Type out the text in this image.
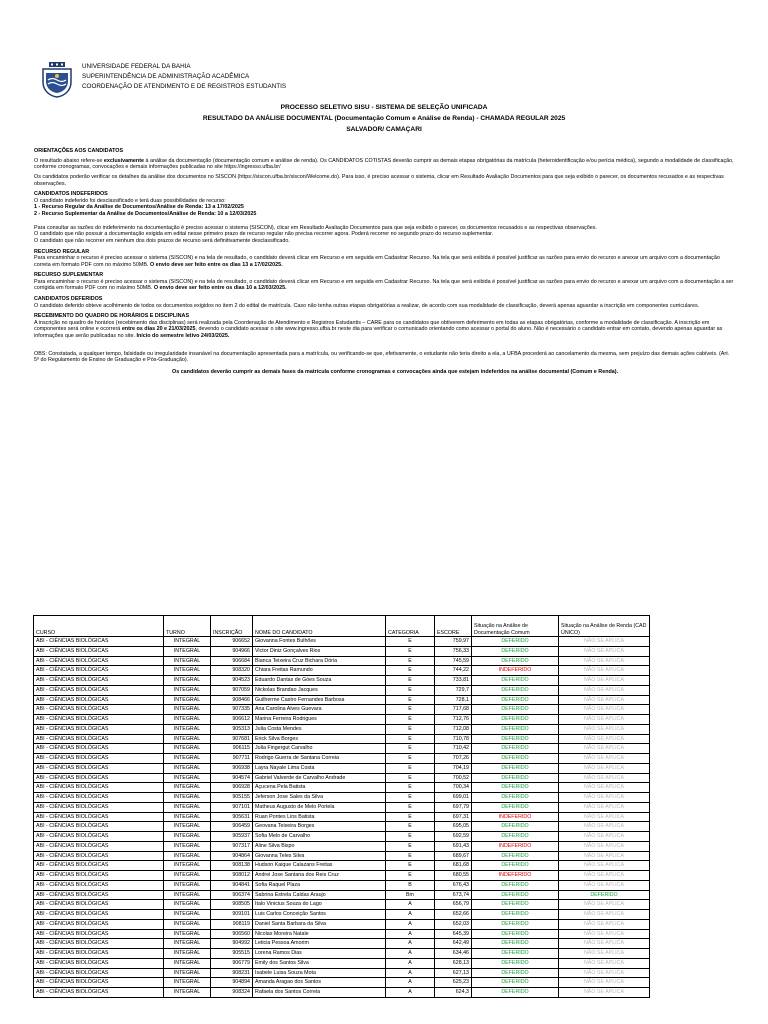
UNIVERSIDADE FEDERAL DA BAHIA
SUPERINTENDÊNCIA DE ADMINISTRAÇÃO ACADÊMICA
COORDENAÇÃO DE ATENDIMENTO E DE REGISTROS ESTUDANTIS
PROCESSO SELETIVO SISU - SISTEMA DE SELEÇÃO UNIFICADA
RESULTADO DA ANÁLISE DOCUMENTAL (Documentação Comum e Análise de Renda) - CHAMADA REGULAR 2025
SALVADOR/ CAMAÇARI

ORIENTAÇÕES AOS CANDIDATOS

O resultado abaixo refere-se exclusivamente à análise da documentação (documentação comum e análise de renda). Os CANDIDATOS COTISTAS deverão cumprir as demais etapas obrigatórias da matrícula (heteroidentificação e/ou perícia médica), segundo a modalidade de classificação, conforme cronogramas, convocações e demais informações publicadas no site https://ingresso.ufba.br/

Os candidatos poderão verificar os detalhes da análise dos documentos no SISCON (https://siscon.ufba.br/siscon/Welcome.do). Para isso, é preciso acessar o sistema, clicar em Resultado Avaliação Documentos para que seja exibido o parecer, os documentos recusados e as respectivas observações.

CANDIDATOS INDEFERIDOS

O candidato indeferido foi desclassificado e terá duas possibilidades de recurso:

1 - Recurso Regular da Análise de Documentos/Análise de Renda: 13 a 17/02/2025

2 - Recurso Suplementar da Análise de Documentos/Análise de Renda: 10 a 12/03/2025

Para consultar as razões do indeferimento na documentação é preciso acessar o sistema (SISCON), clicar em Resultado Avaliação Documentos para que seja exibido o parecer, os documentos recusados e as respectivas observações.

O candidato que não possuir a documentação exigida em edital nesse primeiro prazo de recurso regular não precisa recorrer agora. Poderá recorrer no segundo prazo do recurso suplementar.

O candidato que não recorrer em nenhum dos dois prazos de recurso será definitivamente desclassificado.

RECURSO REGULAR

Para encaminhar o recurso é preciso acessar o sistema (SISCON) e na tela de resultado, o candidato deverá clicar em Recurso e em seguida em Cadastrar Recurso. Na tela que será exibida é possível justificar as razões para envio do recurso e anexar um arquivo com a documentação correta em formato PDF com no máximo 50MB. O envio deve ser feito entre os dias 13 a 17/02/2025.

RECURSO SUPLEMENTAR

Para encaminhar o recurso é preciso acessar o sistema (SISCON) e na tela de resultado, o candidato deverá clicar em Recurso e em seguida em Cadastrar Recurso. Na tela que será exibida é possível justificar as razões para envio do recurso e anexar um arquivo com a documentação a ser corrigida em formato PDF com no máximo 50MB. O envio deve ser feito entre os dias 10 a 12/03/2025.

CANDIDATOS DEFERIDOS

O candidato deferido obteve acolhimento de todos os documentos exigidos no item 2 do edital de matrícula. Caso não tenha outras etapas obrigatórias a realizar, de acordo com sua modalidade de classificação, deverá apenas aguardar a inscrição em componentes curriculares.

RECEBIMENTO DO QUADRO DE HORÁRIOS E DISCIPLINAS

A inscrição no quadro de horários (recebimento das disciplinas) será realizada pela Coordenação de Atendimento e Registros Estudantis – CARE para os candidatos que obtiverem deferimento em todas as etapas obrigatórias, conforme a modalidade de classificação. A inscrição em componentes será online e ocorrerá entre os dias 20 e 21/03/2025, devendo o candidato acessar o site www.ingresso.ufba.br neste dia para verificar o comunicado orientando como acessar o portal do aluno. Não é necessário o candidato entrar em contato, devendo apenas aguardar as informações que serão publicadas no site. Início do semestre letivo 24/03/2025.

OBS: Constatada, a qualquer tempo, falsidade ou irregularidade insanável na documentação apresentada para a matrícula, ou verificando-se que, efetivamente, o estudante não teria direito a ela, a UFBA procederá ao cancelamento da mesma, sem prejuízo das demais ações cabíveis. (Art. 5º do Regulamento de Ensino de Graduação e Pós-Graduação).

Os candidatos deverão cumprir as demais fases da matrícula conforme cronogramas e convocações ainda que estejam indeferidos na análise documental (Comum e Renda).

CURSO	TURNO	INSCRIÇÃO	NOME DO CANDIDATO	CATEGORIA	ESCORE	Situação na Análise de Documentação Comum	Situação na Análise de Renda (CAD ÚNICO)
ABI - CIÊNCIAS BIOLÓGICAS	INTEGRAL	906652	Giovanna Fontes Bulhões	E	759,97	DEFERIDO	NÃO SE APLICA
ABI - CIÊNCIAS BIOLÓGICAS	INTEGRAL	904966	Victor Diniz Gonçalves Rios	E	756,33	DEFERIDO	NÃO SE APLICA
ABI - CIÊNCIAS BIOLÓGICAS	INTEGRAL	906684	Bianca Teixeira Cruz Bichara Dória	E	745,59	DEFERIDO	NÃO SE APLICA
ABI - CIÊNCIAS BIOLÓGICAS	INTEGRAL	908320	Chiara Freitas Ramundo	E	744,22	INDEFERIDO	NÃO SE APLICA
ABI - CIÊNCIAS BIOLÓGICAS	INTEGRAL	904523	Eduardo Dantas de Góes Souza	E	733,81	DEFERIDO	NÃO SE APLICA
ABI - CIÊNCIAS BIOLÓGICAS	INTEGRAL	907059	Nickolas Brandao Jacques	E	729,7	DEFERIDO	NÃO SE APLICA
ABI - CIÊNCIAS BIOLÓGICAS	INTEGRAL	908466	Guilherme Castro Fernandes Barbosa	E	728,1	DEFERIDO	NÃO SE APLICA
ABI - CIÊNCIAS BIOLÓGICAS	INTEGRAL	907335	Ana Carolina Alves Guevara	E	717,68	DEFERIDO	NÃO SE APLICA
ABI - CIÊNCIAS BIOLÓGICAS	INTEGRAL	906612	Marina Ferreira Rodrigues	E	712,76	DEFERIDO	NÃO SE APLICA
ABI - CIÊNCIAS BIOLÓGICAS	INTEGRAL	905313	Julia Costa Mendes	E	712,08	DEFERIDO	NÃO SE APLICA
ABI - CIÊNCIAS BIOLÓGICAS	INTEGRAL	907681	Erick Silva Borges	E	710,78	DEFERIDO	NÃO SE APLICA
ABI - CIÊNCIAS BIOLÓGICAS	INTEGRAL	906115	Julia Fingergut Carvalho	E	710,42	DEFERIDO	NÃO SE APLICA
ABI - CIÊNCIAS BIOLÓGICAS	INTEGRAL	907711	Rodrigo Guerra de Santana Correia	E	707,26	DEFERIDO	NÃO SE APLICA
ABI - CIÊNCIAS BIOLÓGICAS	INTEGRAL	906938	Layra Nayale Lima Costa	E	704,19	DEFERIDO	NÃO SE APLICA
ABI - CIÊNCIAS BIOLÓGICAS	INTEGRAL	904574	Gabriel Valverde de Carvalho Andrade	E	700,52	DEFERIDO	NÃO SE APLICA
ABI - CIÊNCIAS BIOLÓGICAS	INTEGRAL	906928	Açucena Pela Batista	E	700,34	DEFERIDO	NÃO SE APLICA
ABI - CIÊNCIAS BIOLÓGICAS	INTEGRAL	905155	Jeferson Jose Sales da Silva	E	699,01	DEFERIDO	NÃO SE APLICA
ABI - CIÊNCIAS BIOLÓGICAS	INTEGRAL	907101	Matheus Augusto de Melo Portela	E	697,79	DEFERIDO	NÃO SE APLICA
ABI - CIÊNCIAS BIOLÓGICAS	INTEGRAL	905631	Ruan Pontes Lins Batista	E	697,31	INDEFERIDO	NÃO SE APLICA
ABI - CIÊNCIAS BIOLÓGICAS	INTEGRAL	906459	Geovana Teixeira Borges	E	695,05	DEFERIDO	NÃO SE APLICA
ABI - CIÊNCIAS BIOLÓGICAS	INTEGRAL	905937	Sofia Melo de Carvalho	E	692,59	DEFERIDO	NÃO SE APLICA
ABI - CIÊNCIAS BIOLÓGICAS	INTEGRAL	907317	Aline Silva Bispo	E	691,43	INDEFERIDO	NÃO SE APLICA
ABI - CIÊNCIAS BIOLÓGICAS	INTEGRAL	904864	Giovanna Teles Silva	E	689,67	DEFERIDO	NÃO SE APLICA
ABI - CIÊNCIAS BIOLÓGICAS	INTEGRAL	908138	Hudson Kaique Calazans Freitas	E	681,68	DEFERIDO	NÃO SE APLICA
ABI - CIÊNCIAS BIOLÓGICAS	INTEGRAL	908012	Andrei Jose Santana dos Reis Cruz	E	680,55	INDEFERIDO	NÃO SE APLICA
ABI - CIÊNCIAS BIOLÓGICAS	INTEGRAL	904841	Sofia Raquel Plaza	B	676,43	DEFERIDO	NÃO SE APLICA
ABI - CIÊNCIAS BIOLÓGICAS	INTEGRAL	906374	Sabrina Estrela Caldas Araujo	Bm	673,74	DEFERIDO	DEFERIDO
ABI - CIÊNCIAS BIOLÓGICAS	INTEGRAL	908505	Italo Vinicius Souza do Lago	A	656,79	DEFERIDO	NÃO SE APLICA
ABI - CIÊNCIAS BIOLÓGICAS	INTEGRAL	909101	Luis Carlos Conceição Santos	A	652,66	DEFERIDO	NÃO SE APLICA
ABI - CIÊNCIAS BIOLÓGICAS	INTEGRAL	908119	Daniel Santa Barbara da Silva	A	652,03	DEFERIDO	NÃO SE APLICA
ABI - CIÊNCIAS BIOLÓGICAS	INTEGRAL	906560	Nicolas Moreira Natale	A	645,39	DEFERIDO	NÃO SE APLICA
ABI - CIÊNCIAS BIOLÓGICAS	INTEGRAL	904992	Leticia Pessoa Amorim	A	642,49	DEFERIDO	NÃO SE APLICA
ABI - CIÊNCIAS BIOLÓGICAS	INTEGRAL	905515	Lorena Ramos Dias	A	634,46	DEFERIDO	NÃO SE APLICA
ABI - CIÊNCIAS BIOLÓGICAS	INTEGRAL	906779	Emily dos Santos Silva	A	628,13	DEFERIDO	NÃO SE APLICA
ABI - CIÊNCIAS BIOLÓGICAS	INTEGRAL	908231	Isabele Luisa Souza Mota	A	627,13	DEFERIDO	NÃO SE APLICA
ABI - CIÊNCIAS BIOLÓGICAS	INTEGRAL	904894	Amanda Aragao dos Santos	A	625,23	DEFERIDO	NÃO SE APLICA
ABI - CIÊNCIAS BIOLÓGICAS	INTEGRAL	908324	Rafaela dos Santos Correia	A	624,3	DEFERIDO	NÃO SE APLICA
